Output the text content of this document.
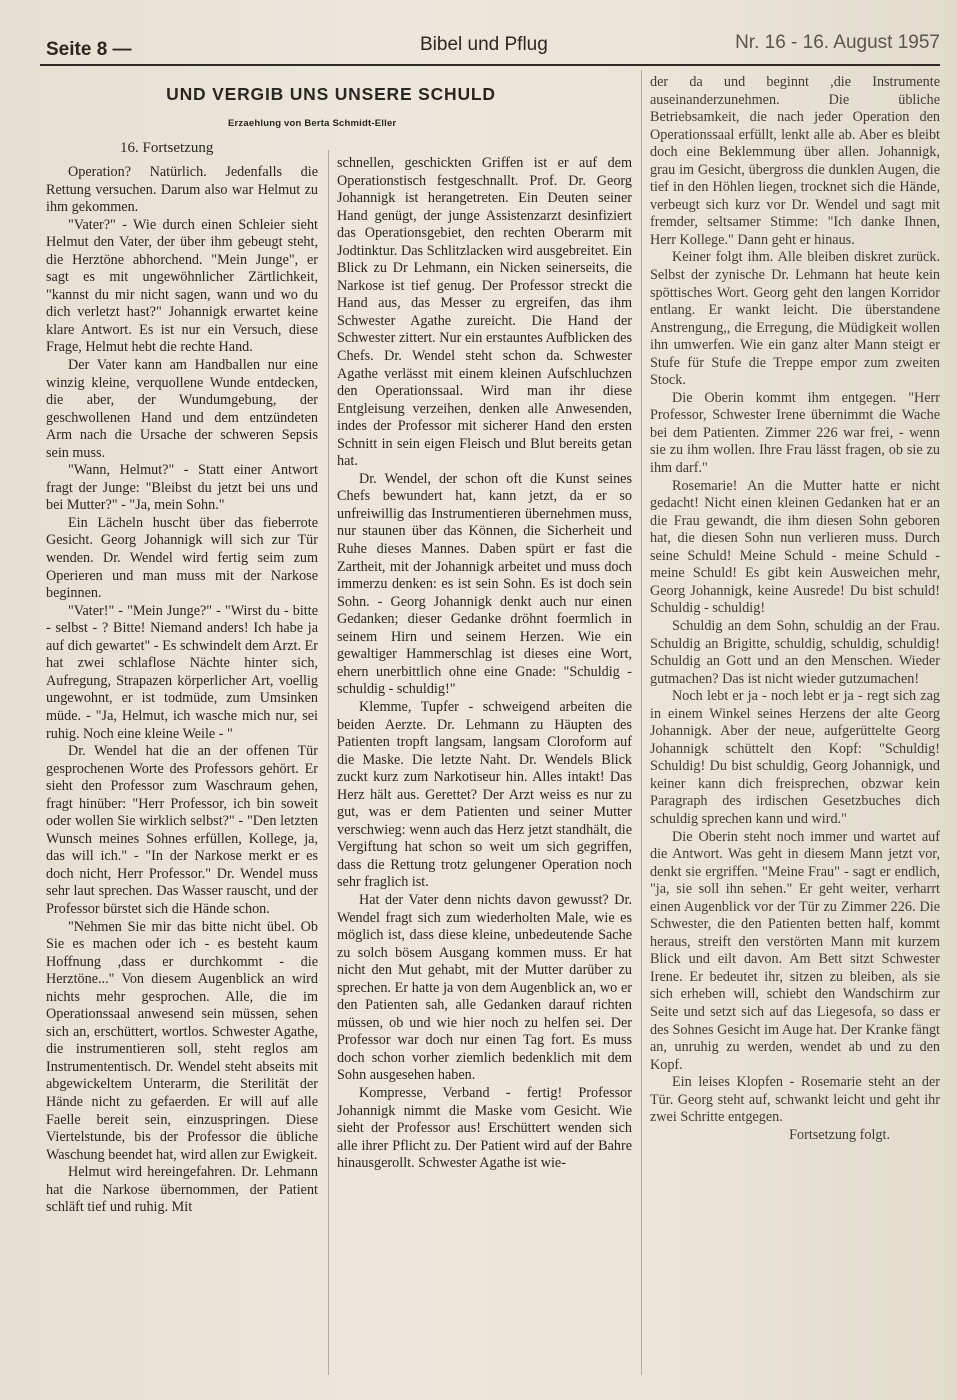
Seite 8 —	Bibel und Pflug	Nr. 16 - 16. August 1957
UND VERGIB UNS UNSERE SCHULD
Erzaehlung von Berta Schmidt-Eller
16. Fortsetzung

Operation? Natürlich. Jedenfalls die Rettung versuchen. Darum also war Helmut zu ihm gekommen.

"Vater?" - Wie durch einen Schleier sieht Helmut den Vater, der über ihm gebeugt steht, die Herztöne abhorchend. "Mein Junge", er sagt es mit ungewöhnlicher Zärtlichkeit, "kannst du mir nicht sagen, wann und wo du dich verletzt hast?" Johannigk erwartet keine klare Antwort. Es ist nur ein Versuch, diese Frage, Helmut hebt die rechte Hand.

Der Vater kann am Handballen nur eine winzig kleine, verquollene Wunde entdecken, die aber, der Wundumgebung, der geschwollenen Hand und dem entzündeten Arm nach die Ursache der schweren Sepsis sein muss.

"Wann, Helmut?" - Statt einer Antwort fragt der Junge: "Bleibst du jetzt bei uns und bei Mutter?" - "Ja, mein Sohn."

Ein Lächeln huscht über das fieberrote Gesicht. Georg Johannigk will sich zur Tür wenden. Dr. Wendel wird fertig seim zum Operieren und man muss mit der Narkose beginnen.

"Vater!" - "Mein Junge?" - "Wirst du - bitte - selbst - ? Bitte! Niemand anders! Ich habe ja auf dich gewartet" - Es schwindelt dem Arzt. Er hat zwei schlaflose Nächte hinter sich, Aufregung, Strapazen körperlicher Art, voellig ungewohnt, er ist todmüde, zum Umsinken müde. - "Ja, Helmut, ich wasche mich nur, sei ruhig. Noch eine kleine Weile - "

Dr. Wendel hat die an der offenen Tür gesprochenen Worte des Professors gehört. Er sieht den Professor zum Waschraum gehen, fragt hinüber: "Herr Professor, ich bin soweit oder wollen Sie wirklich selbst?" - "Den letzten Wunsch meines Sohnes erfüllen, Kollege, ja, das will ich." - "In der Narkose merkt er es doch nicht, Herr Professor." Dr. Wendel muss sehr laut sprechen. Das Wasser rauscht, und der Professor bürstet sich die Hände schon.

"Nehmen Sie mir das bitte nicht übel. Ob Sie es machen oder ich - es besteht kaum Hoffnung ,dass er durchkommt - die Herztöne..." Von diesem Augenblick an wird nichts mehr gesprochen. Alle, die im Operationssaal anwesend sein müssen, sehen sich an, erschüttert, wortlos. Schwester Agathe, die instrumentieren soll, steht reglos am Instrumententisch. Dr. Wendel steht abseits mit abgewickeltem Unterarm, die Sterilität der Hände nicht zu gefaerden. Er will auf alle Faelle bereit sein, einzuspringen. Diese Viertelstunde, bis der Professor die übliche Waschung beendet hat, wird allen zur Ewigkeit.

Helmut wird hereingefahren. Dr. Lehmann hat die Narkose übernommen, der Patient schläft tief und ruhig. Mit

schnellen, geschickten Griffen ist er auf dem Operationstisch festgeschnallt. Prof. Dr. Georg Johannigk ist herangetreten. Ein Deuten seiner Hand genügt, der junge Assistenzarzt desinfiziert das Operationsgebiet, den rechten Oberarm mit Jodtinktur. Das Schlitzlacken wird ausgebreitet. Ein Blick zu Dr Lehmann, ein Nicken seinerseits, die Narkose ist tief genug. Der Professor streckt die Hand aus, das Messer zu ergreifen, das ihm Schwester Agathe zureicht. Die Hand der Schwester zittert. Nur ein erstauntes Aufblicken des Chefs. Dr. Wendel steht schon da. Schwester Agathe verlässt mit einem kleinen Aufschluchzen den Operationssaal. Wird man ihr diese Entgleisung verzeihen, denken alle Anwesenden, indes der Professor mit sicherer Hand den ersten Schnitt in sein eigen Fleisch und Blut bereits getan hat.

Dr. Wendel, der schon oft die Kunst seines Chefs bewundert hat, kann jetzt, da er so unfreiwillig das Instrumentieren übernehmen muss, nur staunen über das Können, die Sicherheit und Ruhe dieses Mannes. Daben spürt er fast die Zartheit, mit der Johannigk arbeitet und muss doch immerzu denken: es ist sein Sohn. Es ist doch sein Sohn. - Georg Johannigk denkt auch nur einen Gedanken; dieser Gedanke dröhnt foermlich in seinem Hirn und seinem Herzen. Wie ein gewaltiger Hammerschlag ist dieses eine Wort, ehern unerbittlich ohne eine Gnade: "Schuldig - schuldig - schuldig!"

Klemme, Tupfer - schweigend arbeiten die beiden Aerzte. Dr. Lehmann zu Häupten des Patienten tropft langsam, langsam Cloroform auf die Maske. Die letzte Naht. Dr. Wendels Blick zuckt kurz zum Narkotiseur hin. Alles intakt! Das Herz hält aus. Gerettet? Der Arzt weiss es nur zu gut, was er dem Patienten und seiner Mutter verschwieg: wenn auch das Herz jetzt standhält, die Vergiftung hat schon so weit um sich gegriffen, dass die Rettung trotz gelungener Operation noch sehr fraglich ist.

Hat der Vater denn nichts davon gewusst? Dr. Wendel fragt sich zum wiederholten Male, wie es möglich ist, dass diese kleine, unbedeutende Sache zu solch bösem Ausgang kommen muss. Er hat nicht den Mut gehabt, mit der Mutter darüber zu sprechen. Er hatte ja von dem Augenblick an, wo er den Patienten sah, alle Gedanken darauf richten müssen, ob und wie hier noch zu helfen sei. Der Professor war doch nur einen Tag fort. Es muss doch schon vorher ziemlich bedenklich mit dem Sohn ausgesehen haben.

Kompresse, Verband - fertig! Professor Johannigk nimmt die Maske vom Gesicht. Wie sieht der Professor aus! Erschüttert wenden sich alle ihrer Pflicht zu. Der Patient wird auf der Bahre hinausgerollt. Schwester Agathe ist wie-

der da und beginnt ,die Instrumente auseinanderzunehmen. Die übliche Betriebsamkeit, die nach jeder Operation den Operationssaal erfüllt, lenkt alle ab. Aber es bleibt doch eine Beklemmung über allen. Johannigk, grau im Gesicht, übergross die dunklen Augen, die tief in den Höhlen liegen, trocknet sich die Hände, verbeugt sich kurz vor Dr. Wendel und sagt mit fremder, seltsamer Stimme: "Ich danke Ihnen, Herr Kollege." Dann geht er hinaus.

Keiner folgt ihm. Alle bleiben diskret zurück. Selbst der zynische Dr. Lehmann hat heute kein spöttisches Wort. Georg geht den langen Korridor entlang. Er wankt leicht. Die überstandene Anstrengung,, die Erregung, die Müdigkeit wollen ihn umwerfen. Wie ein ganz alter Mann steigt er Stufe für Stufe die Treppe empor zum zweiten Stock.

Die Oberin kommt ihm entgegen. "Herr Professor, Schwester Irene übernimmt die Wache bei dem Patienten. Zimmer 226 war frei, - wenn sie zu ihm wollen. Ihre Frau lässt fragen, ob sie zu ihm darf."

Rosemarie! An die Mutter hatte er nicht gedacht! Nicht einen kleinen Gedanken hat er an die Frau gewandt, die ihm diesen Sohn geboren hat, die diesen Sohn nun verlieren muss. Durch seine Schuld! Meine Schuld - meine Schuld - meine Schuld! Es gibt kein Ausweichen mehr, Georg Johannigk, keine Ausrede! Du bist schuld! Schuldig - schuldig!

Schuldig an dem Sohn, schuldig an der Frau. Schuldig an Brigitte, schuldig, schuldig, schuldig! Schuldig an Gott und an den Menschen. Wieder gutmachen? Das ist nicht wieder gutzumachen!

Noch lebt er ja - noch lebt er ja - regt sich zag in einem Winkel seines Herzens der alte Georg Johannigk. Aber der neue, aufgerüttelte Georg Johannigk schüttelt den Kopf: "Schuldig! Schuldig! Du bist schuldig, Georg Johannigk, und keiner kann dich freisprechen, obzwar kein Paragraph des irdischen Gesetzbuches dich schuldig sprechen kann und wird."

Die Oberin steht noch immer und wartet auf die Antwort. Was geht in diesem Mann jetzt vor, denkt sie ergriffen. "Meine Frau" - sagt er endlich, "ja, sie soll ihn sehen." Er geht weiter, verharrt einen Augenblick vor der Tür zu Zimmer 226. Die Schwester, die den Patienten betten half, kommt heraus, streift den verstörten Mann mit kurzem Blick und eilt davon. Am Bett sitzt Schwester Irene. Er bedeutet ihr, sitzen zu bleiben, als sie sich erheben will, schiebt den Wandschirm zur Seite und setzt sich auf das Liegesofa, so dass er des Sohnes Gesicht im Auge hat. Der Kranke fängt an, unruhig zu werden, wendet ab und zu den Kopf.

Ein leises Klopfen - Rosemarie steht an der Tür. Georg steht auf, schwankt leicht und geht ihr zwei Schritte entgegen.

Fortsetzung folgt.
